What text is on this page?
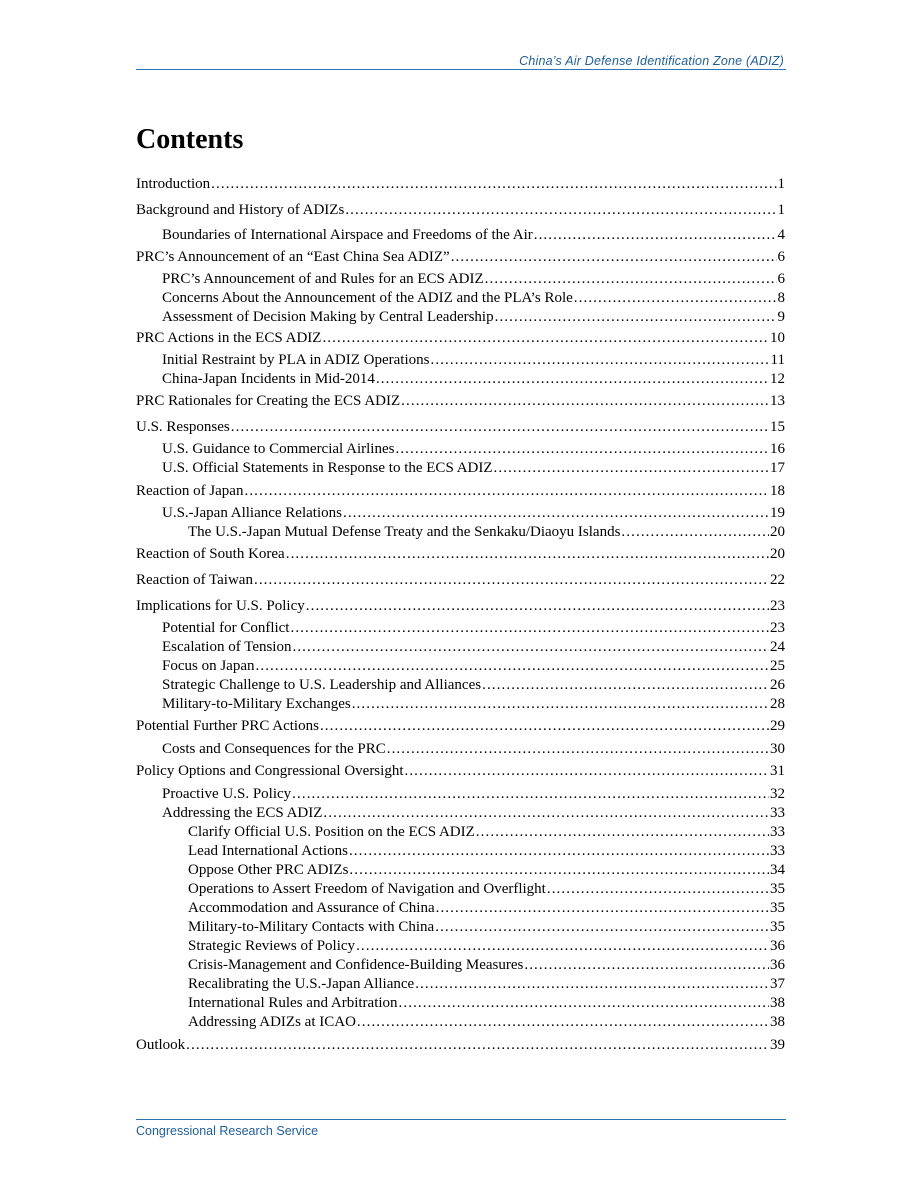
China’s Air Defense Identification Zone (ADIZ)
Contents
Introduction .....	1
Background and History of ADIZs .....	1
Boundaries of International Airspace and Freedoms of the Air .....	4
PRC’s Announcement of an “East China Sea ADIZ” .....	6
PRC’s Announcement of and Rules for an ECS ADIZ .....	6
Concerns About the Announcement of the ADIZ and the PLA’s Role .....	8
Assessment of Decision Making by Central Leadership .....	9
PRC Actions in the ECS ADIZ .....	10
Initial Restraint by PLA in ADIZ Operations .....	11
China-Japan Incidents in Mid-2014 .....	12
PRC Rationales for Creating the ECS ADIZ .....	13
U.S. Responses .....	15
U.S. Guidance to Commercial Airlines .....	16
U.S. Official Statements in Response to the ECS ADIZ .....	17
Reaction of Japan .....	18
U.S.-Japan Alliance Relations .....	19
The U.S.-Japan Mutual Defense Treaty and the Senkaku/Diaoyu Islands .....	20
Reaction of South Korea .....	20
Reaction of Taiwan .....	22
Implications for U.S. Policy .....	23
Potential for Conflict .....	23
Escalation of Tension .....	24
Focus on Japan .....	25
Strategic Challenge to U.S. Leadership and Alliances .....	26
Military-to-Military Exchanges .....	28
Potential Further PRC Actions .....	29
Costs and Consequences for the PRC .....	30
Policy Options and Congressional Oversight .....	31
Proactive U.S. Policy .....	32
Addressing the ECS ADIZ .....	33
Clarify Official U.S. Position on the ECS ADIZ .....	33
Lead International Actions .....	33
Oppose Other PRC ADIZs .....	34
Operations to Assert Freedom of Navigation and Overflight .....	35
Accommodation and Assurance of China .....	35
Military-to-Military Contacts with China .....	35
Strategic Reviews of Policy .....	36
Crisis-Management and Confidence-Building Measures .....	36
Recalibrating the U.S.-Japan Alliance .....	37
International Rules and Arbitration .....	38
Addressing ADIZs at ICAO .....	38
Outlook .....	39
Congressional Research Service
